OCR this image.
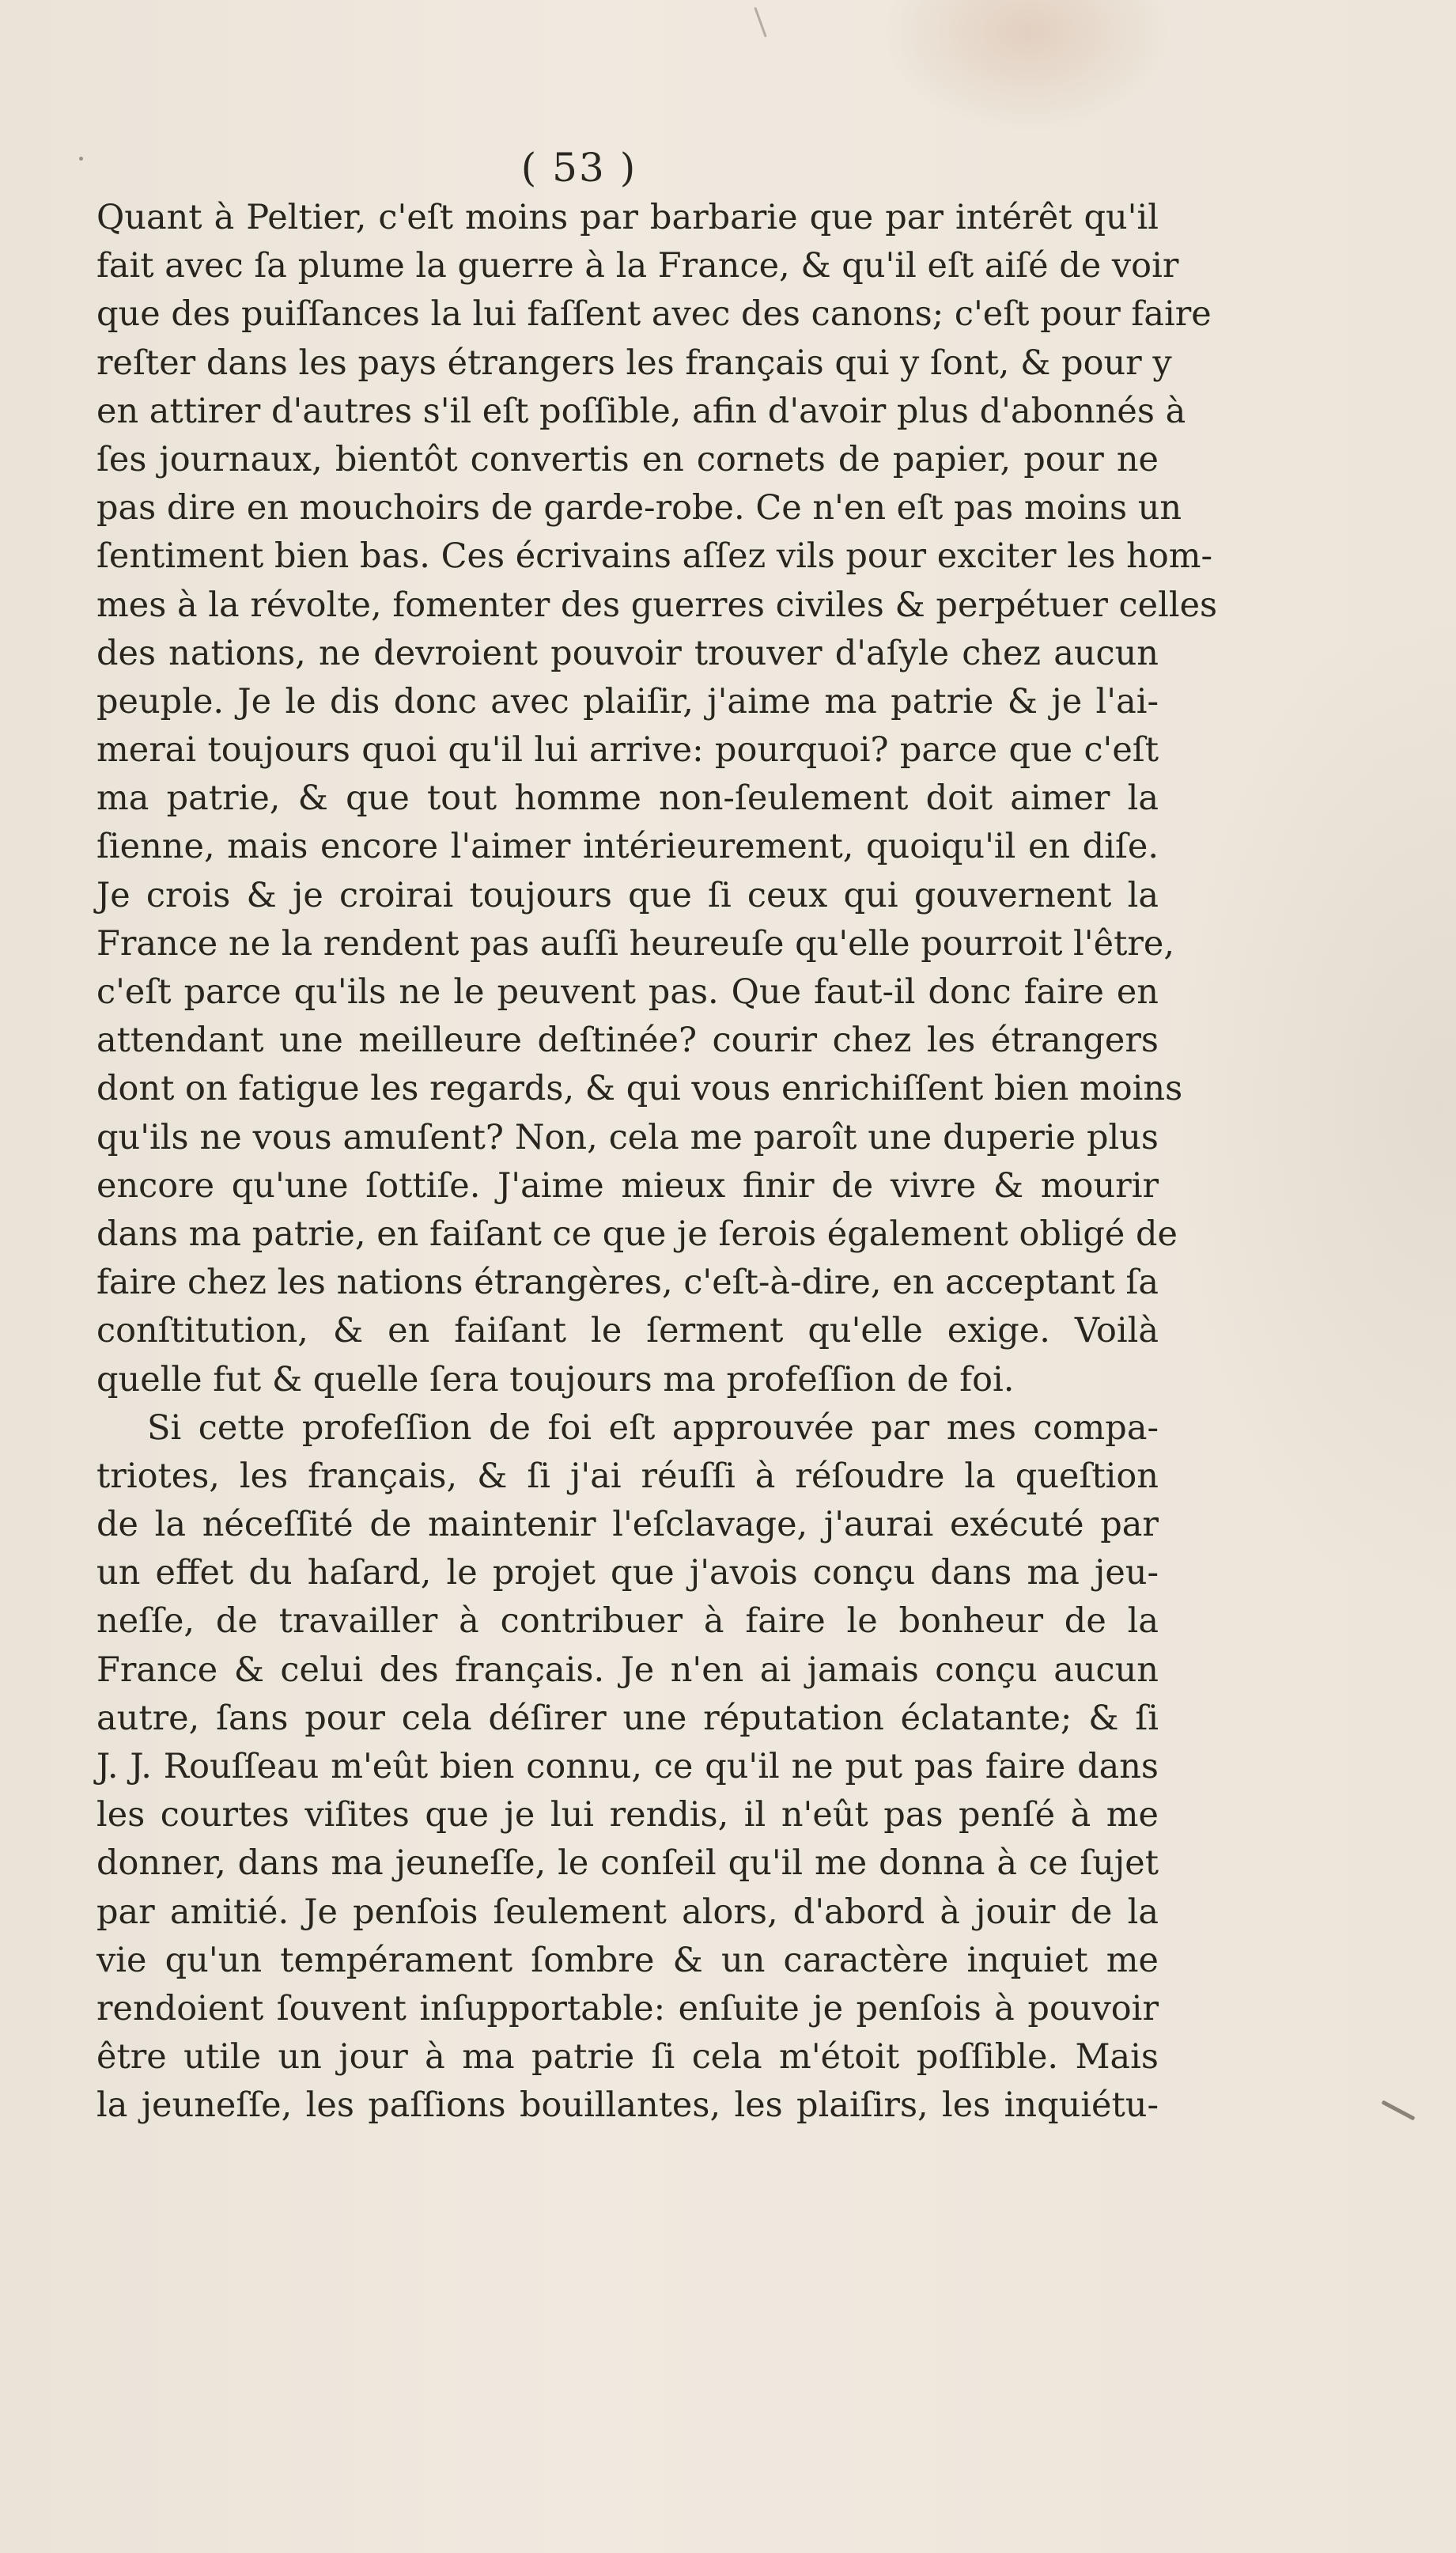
( 53 )
Quant à Peltier, c'eſt moins par barbarie que par intérêt qu'il
fait avec ſa plume la guerre à la France, & qu'il eſt aiſé de voir
que des puiſſances la lui faſſent avec des canons; c'eſt pour faire
reſter dans les pays étrangers les français qui y ſont, & pour y
en attirer d'autres s'il eſt poſſible, afin d'avoir plus d'abonnés à
ſes journaux, bientôt convertis en cornets de papier, pour ne
pas dire en mouchoirs de garde-robe. Ce n'en eſt pas moins un
ſentiment bien bas. Ces écrivains aſſez vils pour exciter les hom-
mes à la révolte, fomenter des guerres civiles & perpétuer celles
des nations, ne devroient pouvoir trouver d'aſyle chez aucun
peuple. Je le dis donc avec plaiſir, j'aime ma patrie & je l'ai-
merai toujours quoi qu'il lui arrive: pourquoi? parce que c'eſt
ma patrie, & que tout homme non-ſeulement doit aimer la
ſienne, mais encore l'aimer intérieurement, quoiqu'il en diſe.
Je crois & je croirai toujours que ſi ceux qui gouvernent la
France ne la rendent pas auſſi heureuſe qu'elle pourroit l'être,
c'eſt parce qu'ils ne le peuvent pas. Que faut-il donc faire en
attendant une meilleure deſtinée? courir chez les étrangers
dont on fatigue les regards, & qui vous enrichiſſent bien moins
qu'ils ne vous amuſent? Non, cela me paroît une duperie plus
encore qu'une ſottiſe. J'aime mieux finir de vivre & mourir
dans ma patrie, en faiſant ce que je ſerois également obligé de
faire chez les nations étrangères, c'eſt-à-dire, en acceptant ſa
conſtitution, & en faiſant le ſerment qu'elle exige. Voilà
quelle fut & quelle ſera toujours ma profeſſion de foi.
Si cette profeſſion de foi eſt approuvée par mes compa-
triotes, les français, & ſi j'ai réuſſi à réſoudre la queſtion
de la néceſſité de maintenir l'eſclavage, j'aurai exécuté par
un effet du haſard, le projet que j'avois conçu dans ma jeu-
neſſe, de travailler à contribuer à faire le bonheur de la
France & celui des français. Je n'en ai jamais conçu aucun
autre, ſans pour cela déſirer une réputation éclatante; & ſi
J. J. Rouſſeau m'eût bien connu, ce qu'il ne put pas faire dans
les courtes viſites que je lui rendis, il n'eût pas penſé à me
donner, dans ma jeuneſſe, le conſeil qu'il me donna à ce ſujet
par amitié. Je penſois ſeulement alors, d'abord à jouir de la
vie qu'un tempérament ſombre & un caractère inquiet me
rendoient ſouvent inſupportable: enſuite je penſois à pouvoir
être utile un jour à ma patrie ſi cela m'étoit poſſible. Mais
la jeuneſſe, les paſſions bouillantes, les plaiſirs, les inquiétu-
